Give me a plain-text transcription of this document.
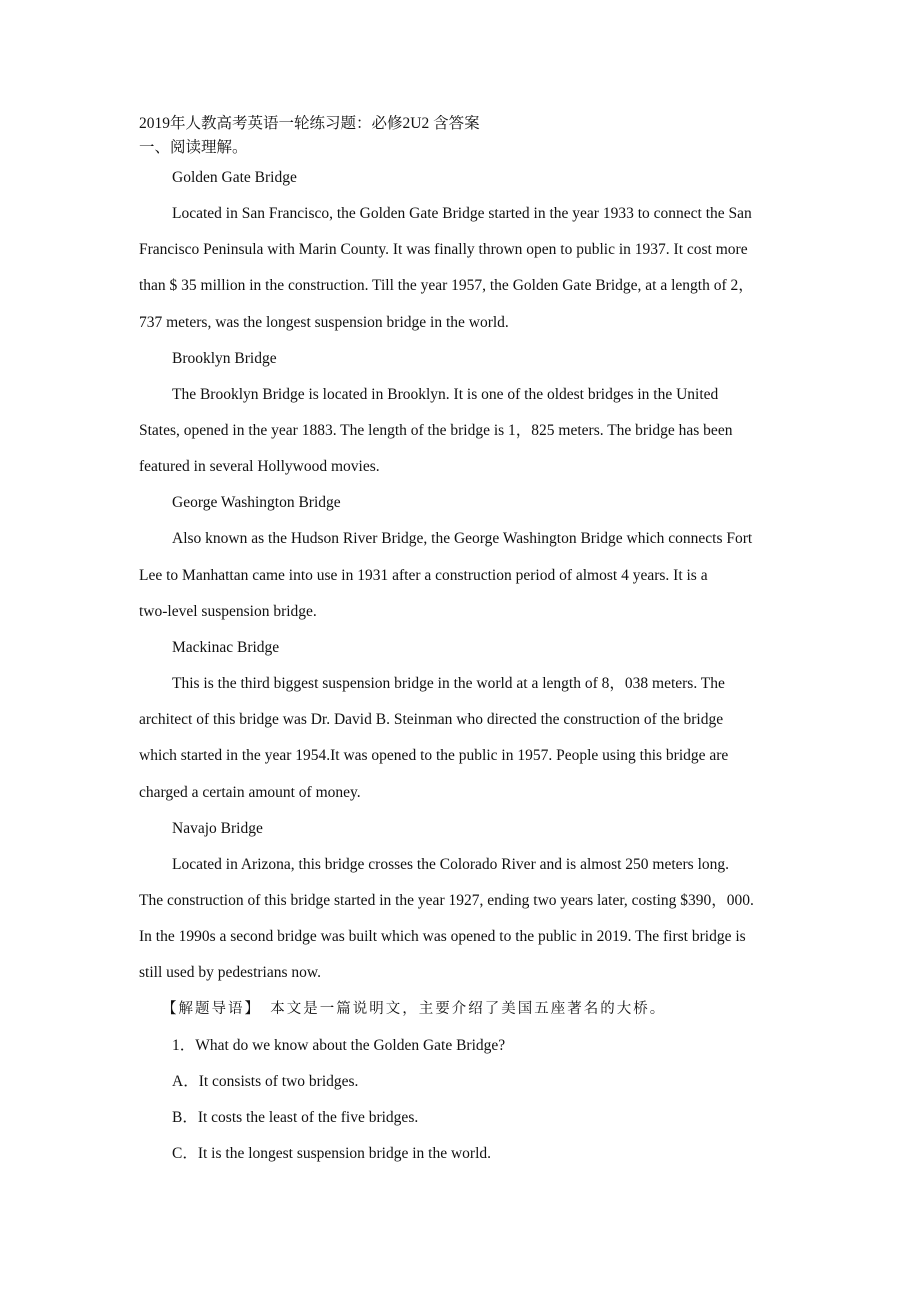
2019年人教高考英语一轮练习题：必修2U2 含答案
一、阅读理解。
Golden Gate Bridge
Located in San Francisco, the Golden Gate Bridge started in the year 1933 to connect the San
Francisco Peninsula with Marin County. It was finally thrown open to public in 1937. It cost more
than $ 35 million in the construction. Till the year 1957, the Golden Gate Bridge, at a length of 2，
737 meters, was the longest suspension bridge in the world.
Brooklyn Bridge
The Brooklyn Bridge is located in Brooklyn. It is one of the oldest bridges in the United
States, opened in the year 1883. The length of the bridge is 1，825 meters. The bridge has been
featured in several Hollywood movies.
George Washington Bridge
Also known as the Hudson River Bridge, the George Washington Bridge which connects Fort
Lee to Manhattan came into use in 1931 after a construction period of almost 4 years. It is a
two-level suspension bridge.
Mackinac Bridge
This is the third biggest suspension bridge in the world at a length of 8，038 meters. The
architect of this bridge was Dr. David B. Steinman who directed the construction of the bridge
which started in the year 1954.It was opened to the public in 1957. People using this bridge are
charged a certain amount of money.
Navajo Bridge
Located in Arizona, this bridge crosses the Colorado River and is almost 250 meters long.
The construction of this bridge started in the year 1927, ending two years later, costing $390，000.
In the 1990s a second bridge was built which was opened to the public in 2019. The first bridge is
still used by pedestrians now.
【解题导语】　本文是一篇说明文，主要介绍了美国五座著名的大桥。
1．What do we know about the Golden Gate Bridge?
A．It consists of two bridges.
B．It costs the least of the five bridges.
C．It is the longest suspension bridge in the world.
